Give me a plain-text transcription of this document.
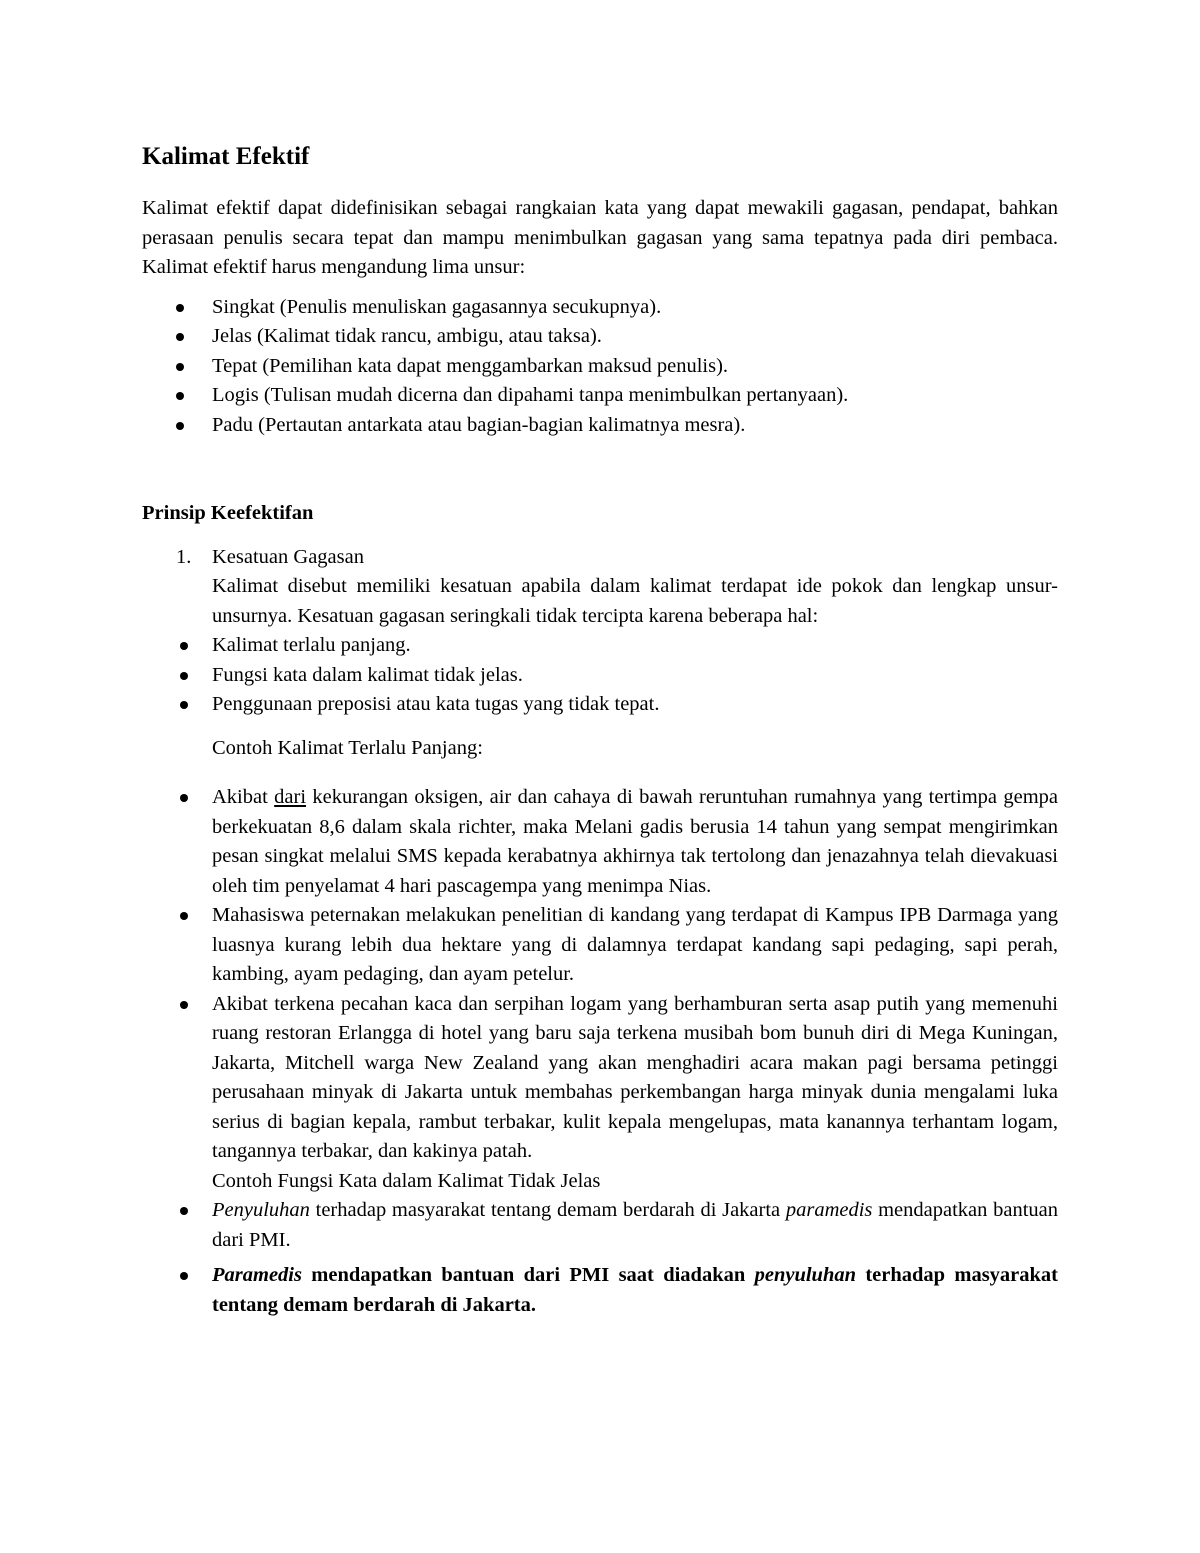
Kalimat Efektif

Kalimat efektif dapat didefinisikan sebagai rangkaian kata yang dapat mewakili gagasan, pendapat, bahkan perasaan penulis secara tepat dan mampu menimbulkan gagasan yang sama tepatnya pada diri pembaca. Kalimat efektif harus mengandung lima unsur:

Singkat (Penulis menuliskan gagasannya secukupnya).
Jelas (Kalimat tidak rancu, ambigu, atau taksa).
Tepat (Pemilihan kata dapat menggambarkan maksud penulis).
Logis (Tulisan mudah dicerna dan dipahami tanpa menimbulkan pertanyaan).
Padu (Pertautan antarkata atau bagian-bagian kalimatnya mesra).
Prinsip Keefektifan
1. Kesatuan Gagasan

Kalimat disebut memiliki kesatuan apabila dalam kalimat terdapat ide pokok dan lengkap unsur-unsurnya. Kesatuan gagasan seringkali tidak tercipta karena beberapa hal:

Kalimat terlalu panjang.
Fungsi kata dalam kalimat tidak jelas.
Penggunaan preposisi atau kata tugas yang tidak tepat.

Contoh Kalimat Terlalu Panjang:

Akibat dari kekurangan oksigen, air dan cahaya di bawah reruntuhan rumahnya yang tertimpa gempa berkekuatan 8,6 dalam skala richter, maka Melani gadis berusia 14 tahun yang sempat mengirimkan pesan singkat melalui SMS kepada kerabatnya akhirnya tak tertolong dan jenazahnya telah dievakuasi oleh tim penyelamat 4 hari pascagempa yang menimpa Nias.
Mahasiswa peternakan melakukan penelitian di kandang yang terdapat di Kampus IPB Darmaga yang luasnya kurang lebih dua hektare yang di dalamnya terdapat kandang sapi pedaging, sapi perah, kambing, ayam pedaging, dan ayam petelur.
Akibat terkena pecahan kaca dan serpihan logam yang berhamburan serta asap putih yang memenuhi ruang restoran Erlangga di hotel yang baru saja terkena musibah bom bunuh diri di Mega Kuningan, Jakarta, Mitchell warga New Zealand yang akan menghadiri acara makan pagi bersama petinggi perusahaan minyak di Jakarta untuk membahas perkembangan harga minyak dunia mengalami luka serius di bagian kepala, rambut terbakar, kulit kepala mengelupas, mata kanannya terhantam logam, tangannya terbakar, dan kakinya patah.

Contoh Fungsi Kata dalam Kalimat Tidak Jelas

Penyuluhan terhadap masyarakat tentang demam berdarah di Jakarta paramedis mendapatkan bantuan dari PMI.
Paramedis mendapatkan bantuan dari PMI saat diadakan penyuluhan terhadap masyarakat tentang demam berdarah di Jakarta.
